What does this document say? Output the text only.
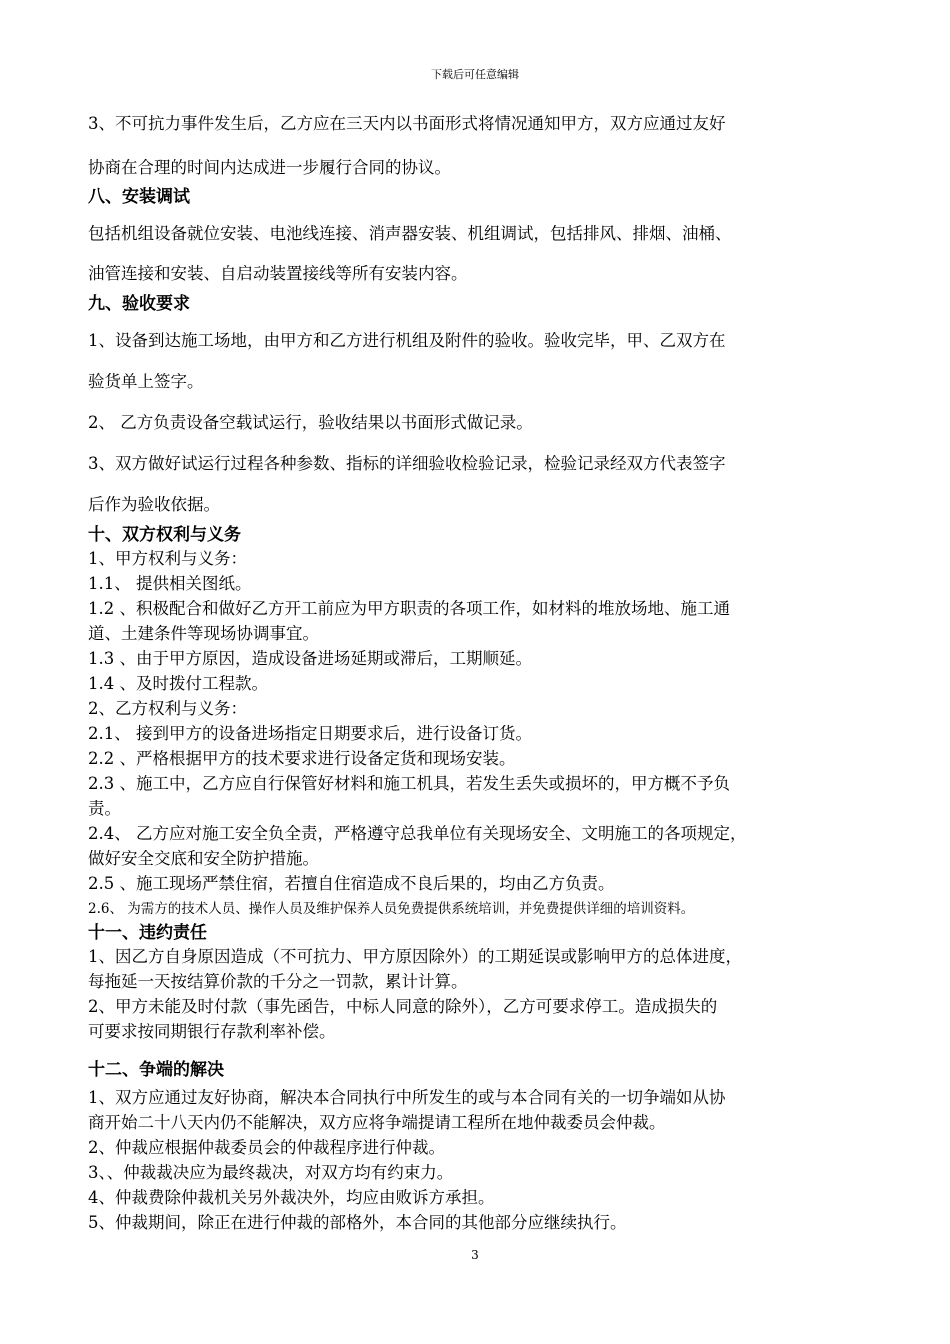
下载后可任意编辑
3、不可抗力事件发生后，乙方应在三天内以书面形式将情况通知甲方，双方应通过友好
协商在合理的时间内达成进一步履行合同的协议。
八、安装调试
包括机组设备就位安装、电池线连接、消声器安装、机组调试，包括排风、排烟、油桶、
油管连接和安装、自启动装置接线等所有安装内容。
九、验收要求
1、设备到达施工场地，由甲方和乙方进行机组及附件的验收。验收完毕，甲、乙双方在
验货单上签字。
2、 乙方负责设备空载试运行，验收结果以书面形式做记录。
3、双方做好试运行过程各种参数、指标的详细验收检验记录，检验记录经双方代表签字
后作为验收依据。
十、双方权利与义务
1、甲方权利与义务：
1.1、 提供相关图纸。
1.2 、积极配合和做好乙方开工前应为甲方职责的各项工作，如材料的堆放场地、施工通
道、土建条件等现场协调事宜。
1.3 、由于甲方原因，造成设备进场延期或滞后，工期顺延。
1.4 、及时拨付工程款。
2、乙方权利与义务：
2.1、 接到甲方的设备进场指定日期要求后，进行设备订货。
2.2 、严格根据甲方的技术要求进行设备定货和现场安装。
2.3 、施工中，乙方应自行保管好材料和施工机具，若发生丢失或损坏的，甲方概不予负
责。
2.4、 乙方应对施工安全负全责，严格遵守总我单位有关现场安全、文明施工的各项规定，
做好安全交底和安全防护措施。
2.5 、施工现场严禁住宿，若擅自住宿造成不良后果的，均由乙方负责。
2.6、 为需方的技术人员、操作人员及维护保养人员免费提供系统培训，并免费提供详细的培训资料。
十一、违约责任
1、因乙方自身原因造成（不可抗力、甲方原因除外）的工期延误或影响甲方的总体进度，
每拖延一天按结算价款的千分之一罚款，累计计算。
2、甲方未能及时付款（事先函告，中标人同意的除外），乙方可要求停工。造成损失的
可要求按同期银行存款利率补偿。
十二、争端的解决
1、双方应通过友好协商，解决本合同执行中所发生的或与本合同有关的一切争端如从协
商开始二十八天内仍不能解决，双方应将争端提请工程所在地仲裁委员会仲裁。
2、仲裁应根据仲裁委员会的仲裁程序进行仲裁。
3、、仲裁裁决应为最终裁决，对双方均有约束力。
4、仲裁费除仲裁机关另外裁决外，均应由败诉方承担。
5、仲裁期间，除正在进行仲裁的部格外，本合同的其他部分应继续执行。
3
